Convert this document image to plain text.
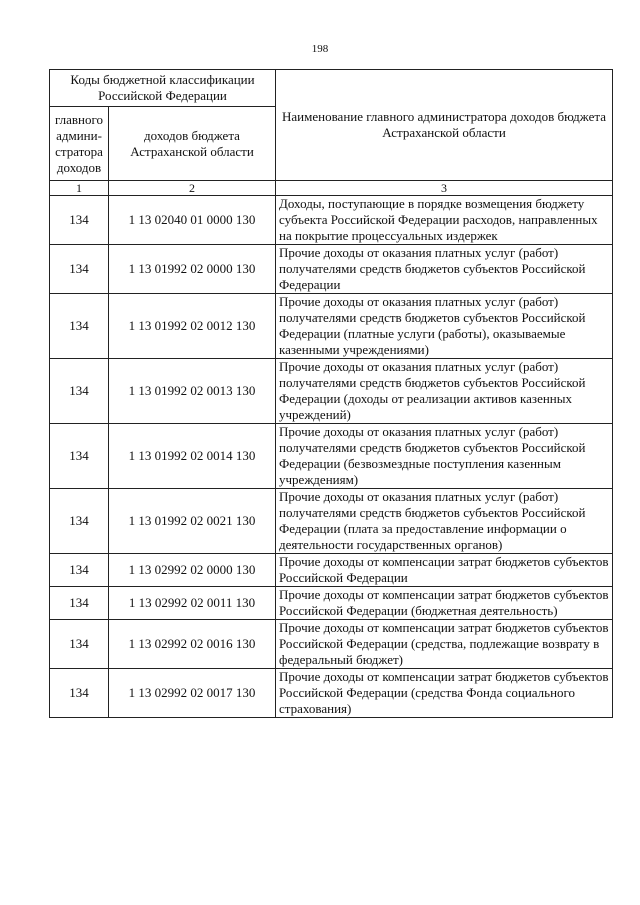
198
Коды бюджетной классификации Российской Федерации		Наименование главного администратора доходов бюджета Астраханской области
главного админи-стратора доходов	доходов бюджета Астраханской области	
1	2	3
134	1 13 02040 01 0000 130	Доходы, поступающие в порядке возмещения бюджету субъекта Российской Федерации расходов, направленных на покрытие процессуальных издержек
134	1 13 01992 02 0000 130	Прочие доходы от оказания платных услуг (работ) получателями средств бюджетов субъектов Российской Федерации
134	1 13 01992 02 0012 130	Прочие доходы от оказания платных услуг (работ) получателями средств бюджетов субъектов Российской Федерации (платные услуги (работы), оказываемые казенными учреждениями)
134	1 13 01992 02 0013 130	Прочие доходы от оказания платных услуг (работ) получателями средств бюджетов субъектов Российской Федерации (доходы от реализации активов казенных учреждений)
134	1 13 01992 02 0014 130	Прочие доходы от оказания платных услуг (работ) получателями средств бюджетов субъектов Российской Федерации (безвозмездные поступления казенным учреждениям)
134	1 13 01992 02 0021 130	Прочие доходы от оказания платных услуг (работ) получателями средств бюджетов субъектов Российской Федерации (плата за предоставление информации о деятельности государственных органов)
134	1 13 02992 02 0000 130	Прочие доходы от компенсации затрат бюджетов субъектов Российской Федерации
134	1 13 02992 02 0011 130	Прочие доходы от компенсации затрат бюджетов субъектов Российской Федерации (бюджетная деятельность)
134	1 13 02992 02 0016 130	Прочие доходы от компенсации затрат бюджетов субъектов Российской Федерации (средства, подлежащие возврату в федеральный бюджет)
134	1 13 02992 02 0017 130	Прочие доходы от компенсации затрат бюджетов субъектов Российской Федерации (средства Фонда социального страхования)
